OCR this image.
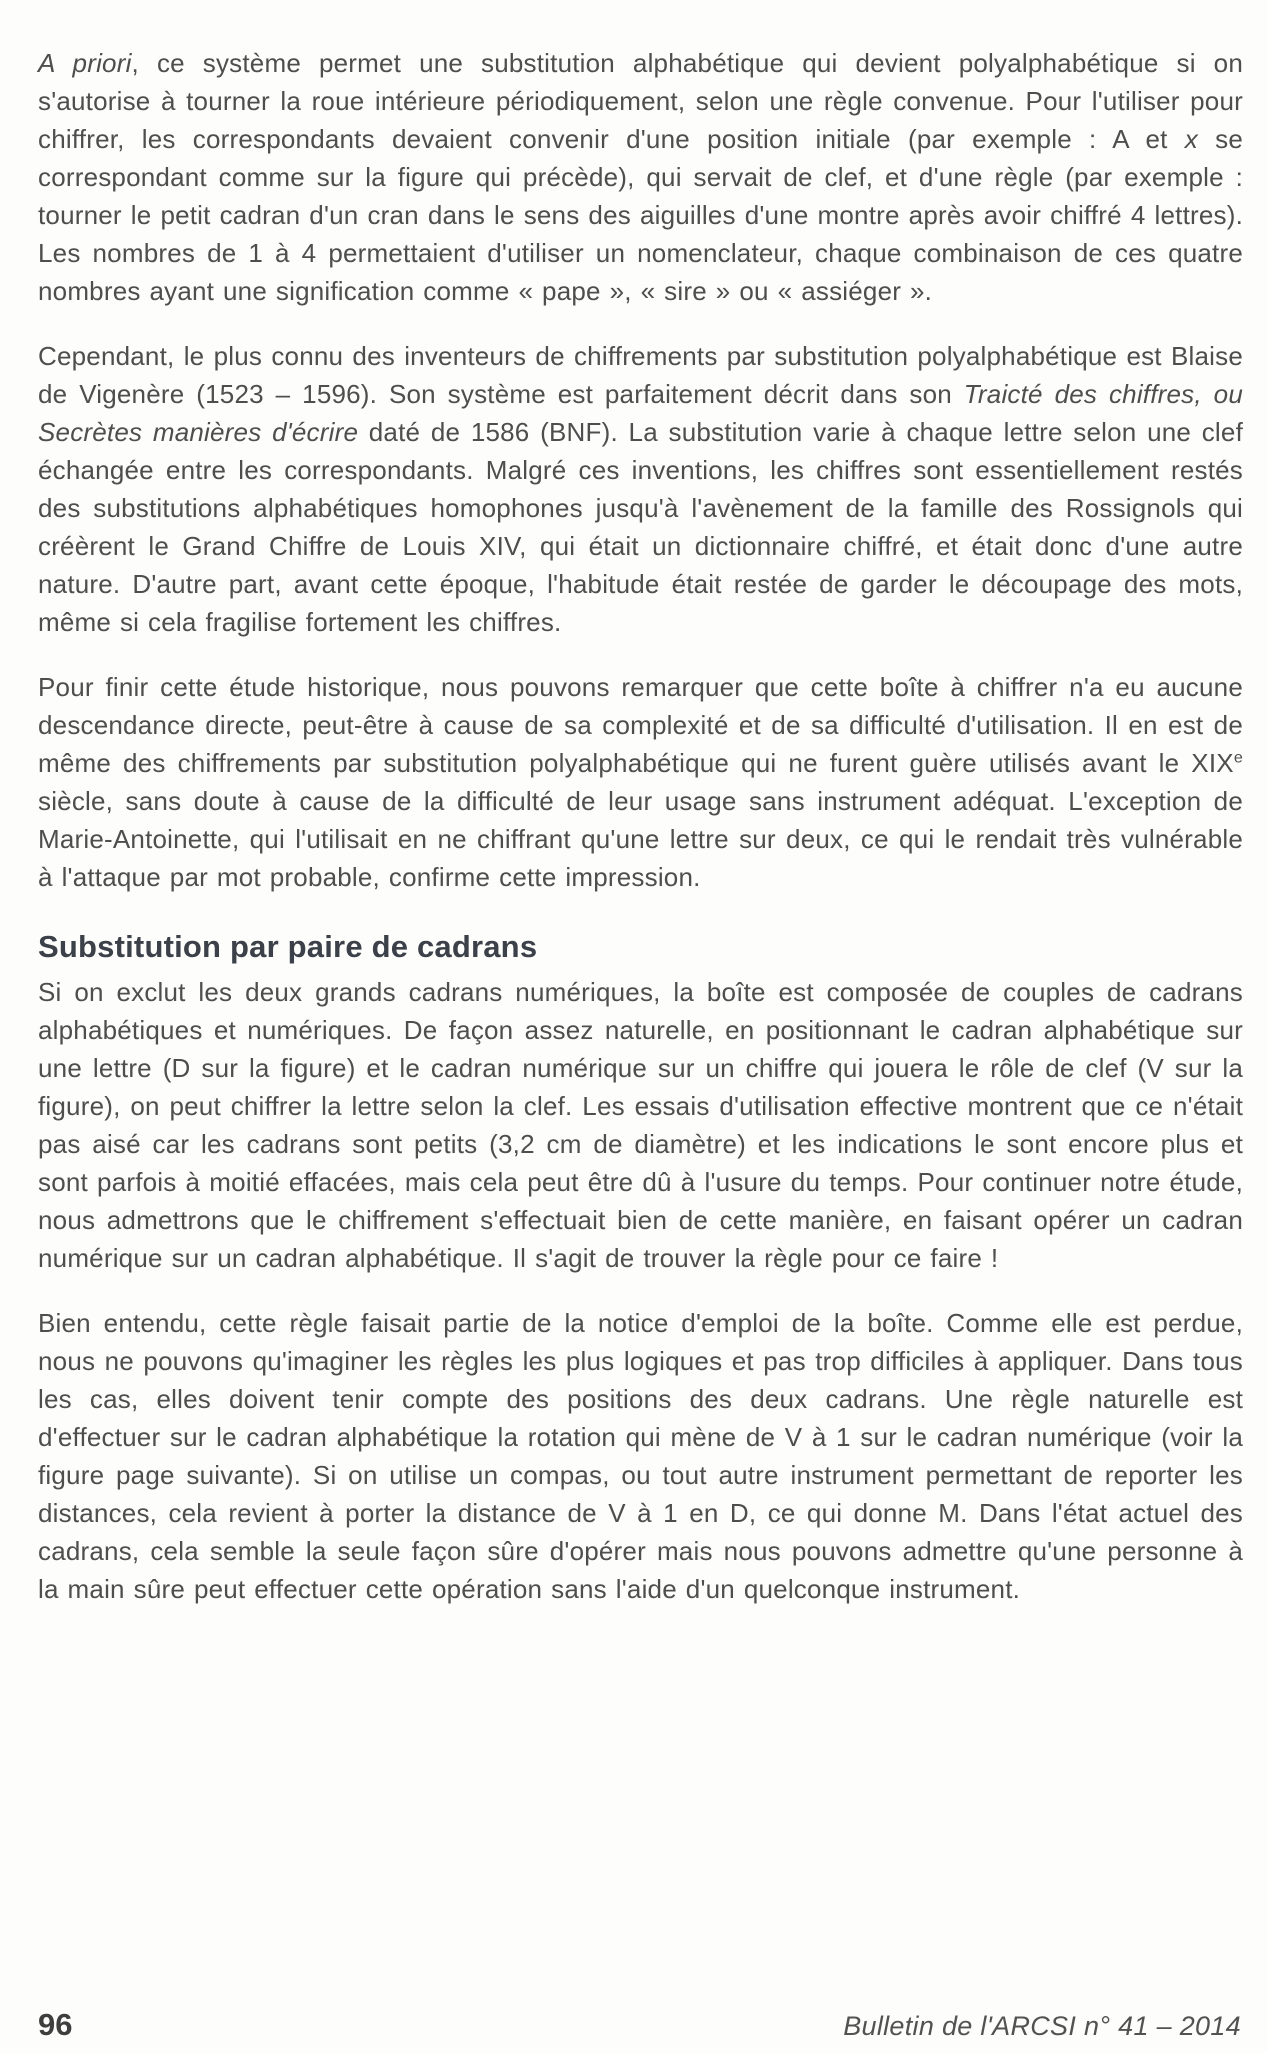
A priori, ce système permet une substitution alphabétique qui devient polyalphabétique si on s'autorise à tourner la roue intérieure périodiquement, selon une règle convenue. Pour l'utiliser pour chiffrer, les correspondants devaient convenir d'une position initiale (par exemple : A et x se correspondant comme sur la figure qui précède), qui servait de clef, et d'une règle (par exemple : tourner le petit cadran d'un cran dans le sens des aiguilles d'une montre après avoir chiffré 4 lettres). Les nombres de 1 à 4 permettaient d'utiliser un nomenclateur, chaque combinaison de ces quatre nombres ayant une signification comme « pape », « sire » ou « assiéger ».

Cependant, le plus connu des inventeurs de chiffrements par substitution polyalphabétique est Blaise de Vigenère (1523 – 1596). Son système est parfaitement décrit dans son Traicté des chiffres, ou Secrètes manières d'écrire daté de 1586 (BNF). La substitution varie à chaque lettre selon une clef échangée entre les correspondants. Malgré ces inventions, les chiffres sont essentiellement restés des substitutions alphabétiques homophones jusqu'à l'avènement de la famille des Rossignols qui créèrent le Grand Chiffre de Louis XIV, qui était un dictionnaire chiffré, et était donc d'une autre nature. D'autre part, avant cette époque, l'habitude était restée de garder le découpage des mots, même si cela fragilise fortement les chiffres.

Pour finir cette étude historique, nous pouvons remarquer que cette boîte à chiffrer n'a eu aucune descendance directe, peut-être à cause de sa complexité et de sa difficulté d'utilisation. Il en est de même des chiffrements par substitution polyalphabétique qui ne furent guère utilisés avant le XIXe siècle, sans doute à cause de la difficulté de leur usage sans instrument adéquat. L'exception de Marie-Antoinette, qui l'utilisait en ne chiffrant qu'une lettre sur deux, ce qui le rendait très vulnérable à l'attaque par mot probable, confirme cette impression.

Substitution par paire de cadrans

Si on exclut les deux grands cadrans numériques, la boîte est composée de couples de cadrans alphabétiques et numériques. De façon assez naturelle, en positionnant le cadran alphabétique sur une lettre (D sur la figure) et le cadran numérique sur un chiffre qui jouera le rôle de clef (V sur la figure), on peut chiffrer la lettre selon la clef. Les essais d'utilisation effective montrent que ce n'était pas aisé car les cadrans sont petits (3,2 cm de diamètre) et les indications le sont encore plus et sont parfois à moitié effacées, mais cela peut être dû à l'usure du temps. Pour continuer notre étude, nous admettrons que le chiffrement s'effectuait bien de cette manière, en faisant opérer un cadran numérique sur un cadran alphabétique. Il s'agit de trouver la règle pour ce faire !

Bien entendu, cette règle faisait partie de la notice d'emploi de la boîte. Comme elle est perdue, nous ne pouvons qu'imaginer les règles les plus logiques et pas trop difficiles à appliquer. Dans tous les cas, elles doivent tenir compte des positions des deux cadrans. Une règle naturelle est d'effectuer sur le cadran alphabétique la rotation qui mène de V à 1 sur le cadran numérique (voir la figure page suivante). Si on utilise un compas, ou tout autre instrument permettant de reporter les distances, cela revient à porter la distance de V à 1 en D, ce qui donne M. Dans l'état actuel des cadrans, cela semble la seule façon sûre d'opérer mais nous pouvons admettre qu'une personne à la main sûre peut effectuer cette opération sans l'aide d'un quelconque instrument.

96	Bulletin de l'ARCSI n° 41 – 2014
